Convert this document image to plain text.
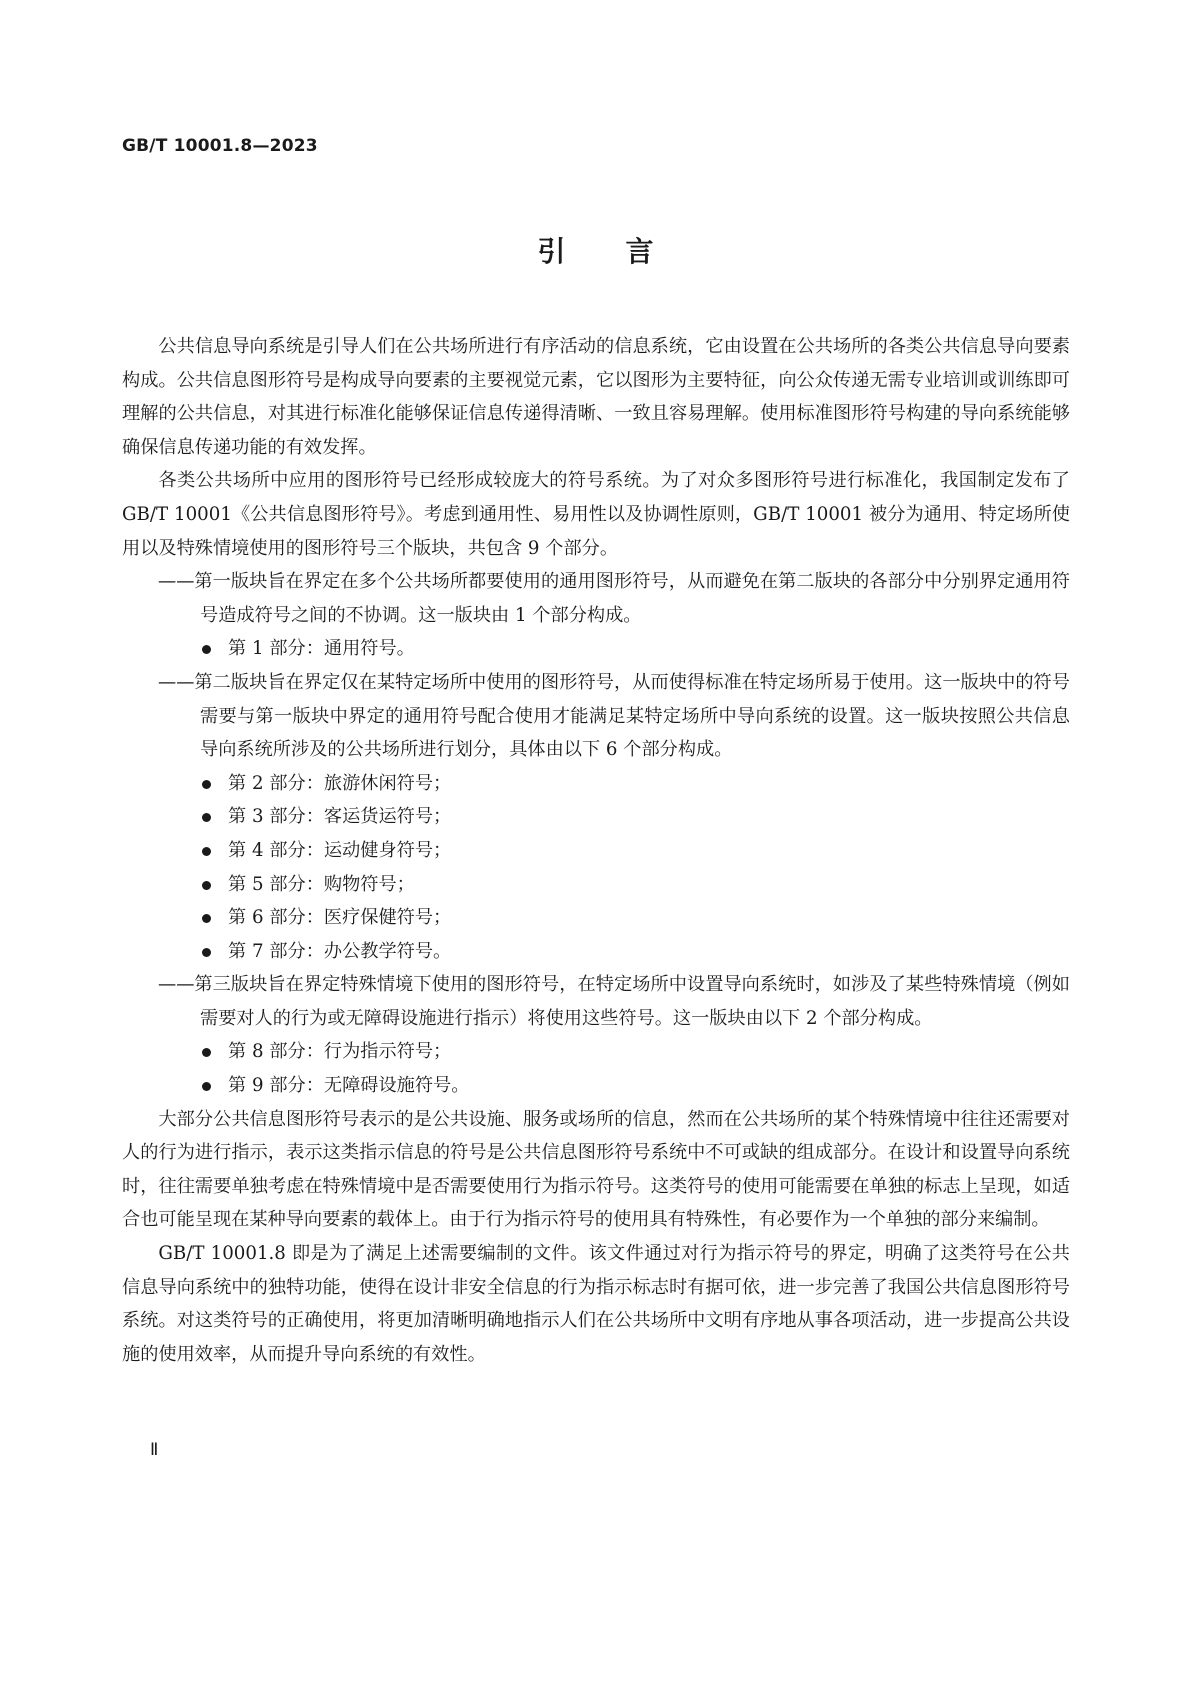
GB/T 10001.8—2023
引言

公共信息导向系统是引导人们在公共场所进行有序活动的信息系统，它由设置在公共场所的各类公共信息导向要素构成。公共信息图形符号是构成导向要素的主要视觉元素，它以图形为主要特征，向公众传递无需专业培训或训练即可理解的公共信息，对其进行标准化能够保证信息传递得清晰、一致且容易理解。使用标准图形符号构建的导向系统能够确保信息传递功能的有效发挥。

各类公共场所中应用的图形符号已经形成较庞大的符号系统。为了对众多图形符号进行标准化，我国制定发布了 GB/T 10001《公共信息图形符号》。考虑到通用性、易用性以及协调性原则，GB/T 10001 被分为通用、特定场所使用以及特殊情境使用的图形符号三个版块，共包含 9 个部分。

——第一版块旨在界定在多个公共场所都要使用的通用图形符号，从而避免在第二版块的各部分中分别界定通用符号造成符号之间的不协调。这一版块由 1 个部分构成。

第 1 部分：通用符号。

——第二版块旨在界定仅在某特定场所中使用的图形符号，从而使得标准在特定场所易于使用。这一版块中的符号需要与第一版块中界定的通用符号配合使用才能满足某特定场所中导向系统的设置。这一版块按照公共信息导向系统所涉及的公共场所进行划分，具体由以下 6 个部分构成。

第 2 部分：旅游休闲符号；

第 3 部分：客运货运符号；

第 4 部分：运动健身符号；

第 5 部分：购物符号；

第 6 部分：医疗保健符号；

第 7 部分：办公教学符号。

——第三版块旨在界定特殊情境下使用的图形符号，在特定场所中设置导向系统时，如涉及了某些特殊情境（例如需要对人的行为或无障碍设施进行指示）将使用这些符号。这一版块由以下 2 个部分构成。

第 8 部分：行为指示符号；

第 9 部分：无障碍设施符号。

大部分公共信息图形符号表示的是公共设施、服务或场所的信息，然而在公共场所的某个特殊情境中往往还需要对人的行为进行指示，表示这类指示信息的符号是公共信息图形符号系统中不可或缺的组成部分。在设计和设置导向系统时，往往需要单独考虑在特殊情境中是否需要使用行为指示符号。这类符号的使用可能需要在单独的标志上呈现，如适合也可能呈现在某种导向要素的载体上。由于行为指示符号的使用具有特殊性，有必要作为一个单独的部分来编制。

GB/T 10001.8 即是为了满足上述需要编制的文件。该文件通过对行为指示符号的界定，明确了这类符号在公共信息导向系统中的独特功能，使得在设计非安全信息的行为指示标志时有据可依，进一步完善了我国公共信息图形符号系统。对这类符号的正确使用，将更加清晰明确地指示人们在公共场所中文明有序地从事各项活动，进一步提高公共设施的使用效率，从而提升导向系统的有效性。

Ⅱ
